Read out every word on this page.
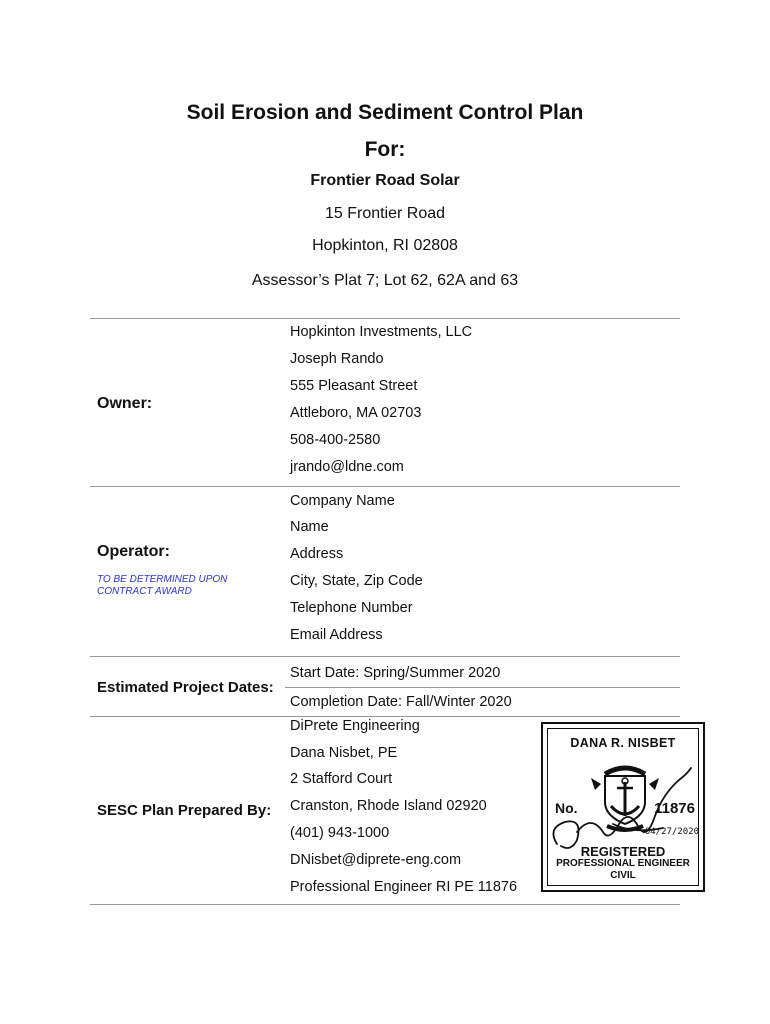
Soil Erosion and Sediment Control Plan
For:
Frontier Road Solar
15 Frontier Road
Hopkinton, RI 02808
Assessor’s Plat 7; Lot 62, 62A and 63
Owner:
Hopkinton Investments, LLC
Joseph Rando
555 Pleasant Street
Attleboro, MA 02703
508-400-2580
jrando@ldne.com
Operator:
TO BE DETERMINED UPON CONTRACT AWARD
Company Name
Name
Address
City, State, Zip Code
Telephone Number
Email Address
Estimated Project Dates:
Start Date: Spring/Summer 2020
Completion Date: Fall/Winter 2020
SESC Plan Prepared By:
DiPrete Engineering
Dana Nisbet, PE
2 Stafford Court
Cranston, Rhode Island 02920
(401) 943-1000
DNisbet@diprete-eng.com
Professional Engineer RI PE 11876
DANA R. NISBET
No.	11876
04/27/2020
REGISTERED
PROFESSIONAL ENGINEER
CIVIL
